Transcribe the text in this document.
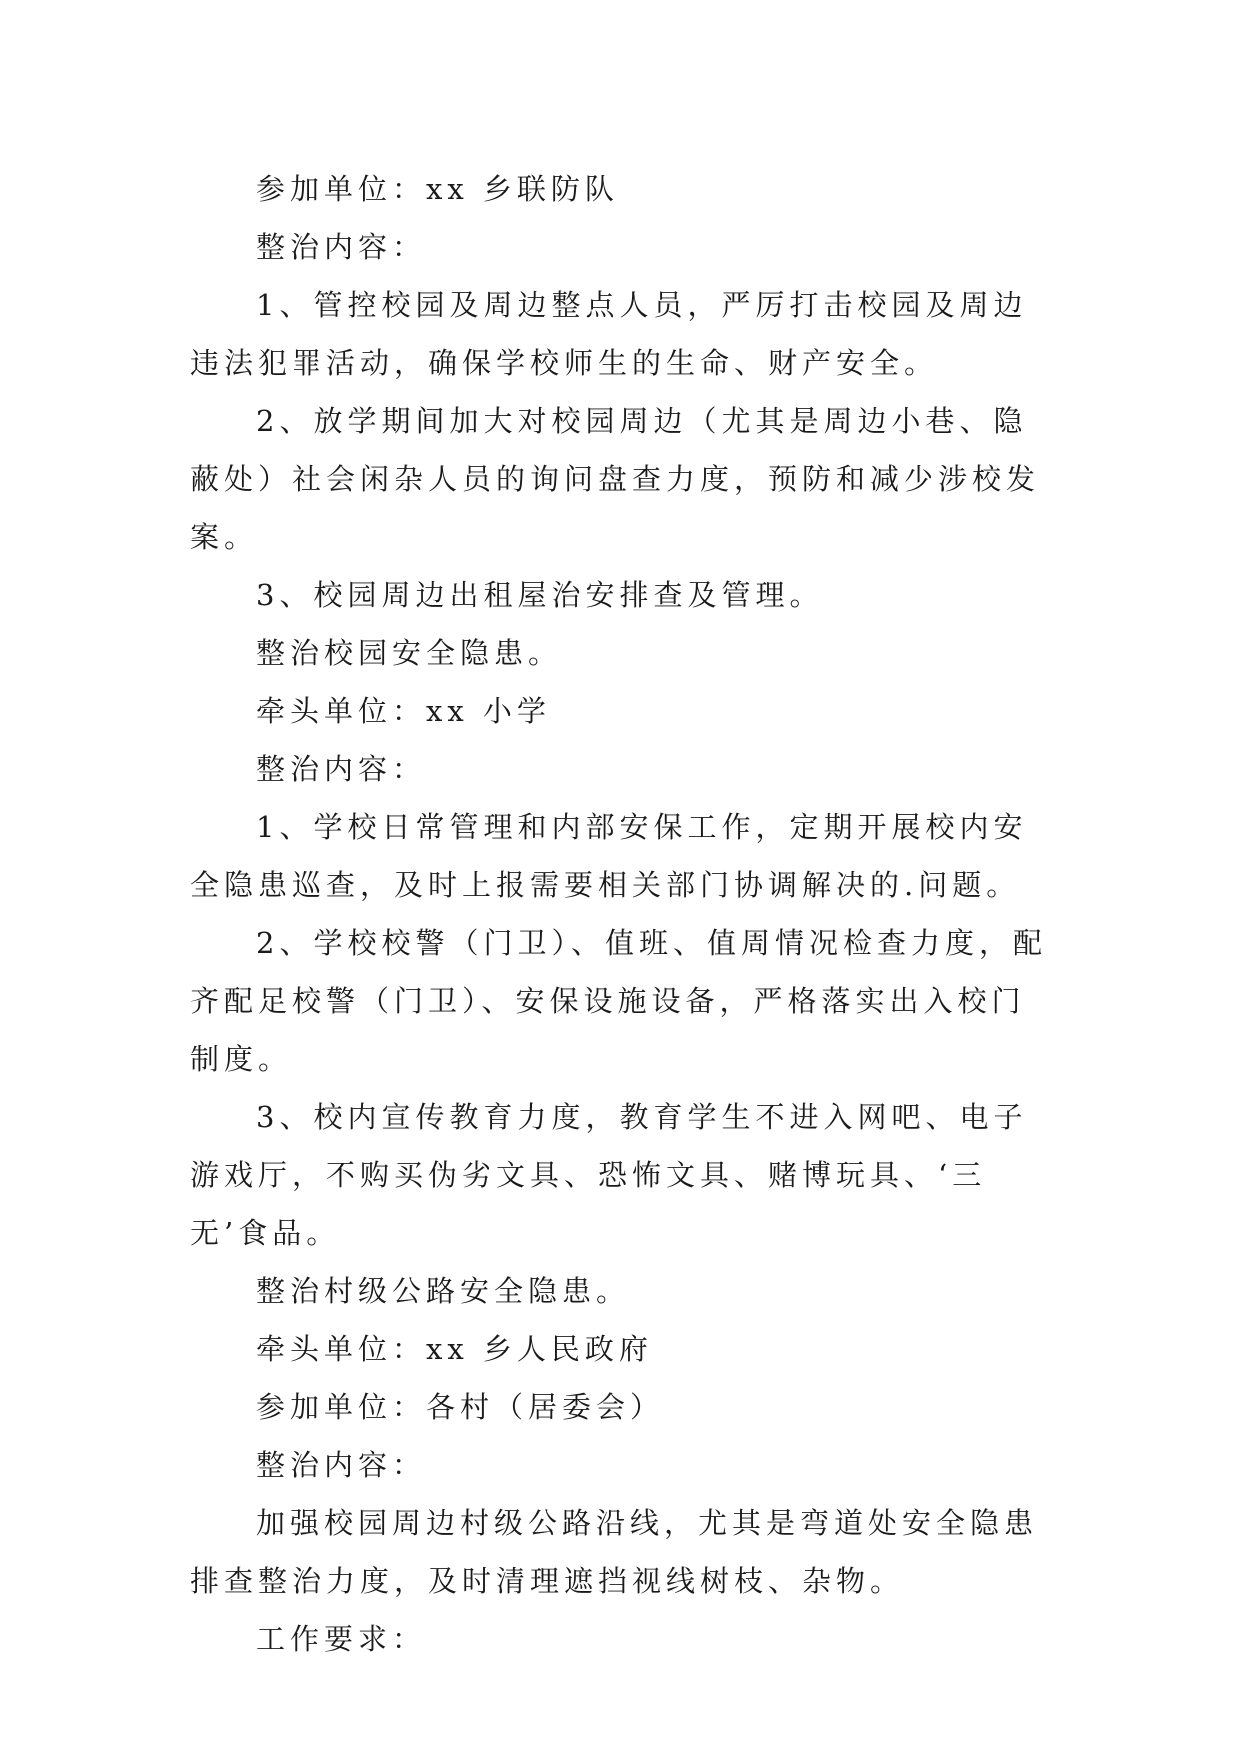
参加单位：xx 乡联防队

整治内容：

1、管控校园及周边整点人员，严厉打击校园及周边违法犯罪活动，确保学校师生的生命、财产安全。

2、放学期间加大对校园周边（尤其是周边小巷、隐蔽处）社会闲杂人员的询问盘查力度，预防和减少涉校发案。

3、校园周边出租屋治安排查及管理。

整治校园安全隐患。

牵头单位：xx 小学

整治内容：

1、学校日常管理和内部安保工作，定期开展校内安全隐患巡查，及时上报需要相关部门协调解决的.问题。

2、学校校警（门卫）、值班、值周情况检查力度，配齐配足校警（门卫）、安保设施设备，严格落实出入校门制度。

3、校内宣传教育力度，教育学生不进入网吧、电子游戏厅，不购买伪劣文具、恐怖文具、赌博玩具、‘三无’食品。

整治村级公路安全隐患。

牵头单位：xx 乡人民政府

参加单位：各村（居委会）

整治内容：

加强校园周边村级公路沿线，尤其是弯道处安全隐患排查整治力度，及时清理遮挡视线树枝、杂物。

工作要求：
